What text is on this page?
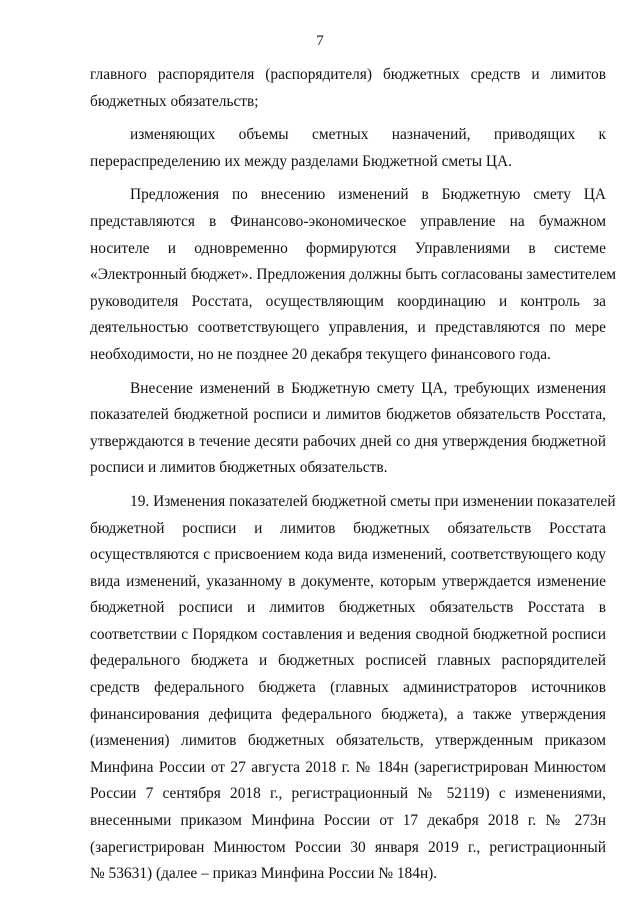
7
главного распорядителя (распорядителя) бюджетных средств и лимитов
бюджетных обязательств;
изменяющих объемы сметных назначений, приводящих к
перераспределению их между разделами Бюджетной сметы ЦА.
Предложения по внесению изменений в Бюджетную смету ЦА
представляются в Финансово-экономическое управление на бумажном
носителе и одновременно формируются Управлениями в системе
«Электронный бюджет». Предложения должны быть согласованы заместителем
руководителя Росстата, осуществляющим координацию и контроль за
деятельностью соответствующего управления, и представляются по мере
необходимости, но не позднее 20 декабря текущего финансового года.
Внесение изменений в Бюджетную смету ЦА, требующих изменения
показателей бюджетной росписи и лимитов бюджетов обязательств Росстата,
утверждаются в течение десяти рабочих дней со дня утверждения бюджетной
росписи и лимитов бюджетных обязательств.
19. Изменения показателей бюджетной сметы при изменении показателей
бюджетной росписи и лимитов бюджетных обязательств Росстата
осуществляются с присвоением кода вида изменений, соответствующего коду
вида изменений, указанному в документе, которым утверждается изменение
бюджетной росписи и лимитов бюджетных обязательств Росстата в
соответствии с Порядком составления и ведения сводной бюджетной росписи
федерального бюджета и бюджетных росписей главных распорядителей
средств федерального бюджета (главных администраторов источников
финансирования дефицита федерального бюджета), а также утверждения
(изменения) лимитов бюджетных обязательств, утвержденным приказом
Минфина России от 27 августа 2018 г. № 184н (зарегистрирован Минюстом
России 7 сентября 2018 г., регистрационный № 52119) с изменениями,
внесенными приказом Минфина России от 17 декабря 2018 г. № 273н
(зарегистрирован Минюстом России 30 января 2019 г., регистрационный
№ 53631) (далее – приказ Минфина России № 184н).
